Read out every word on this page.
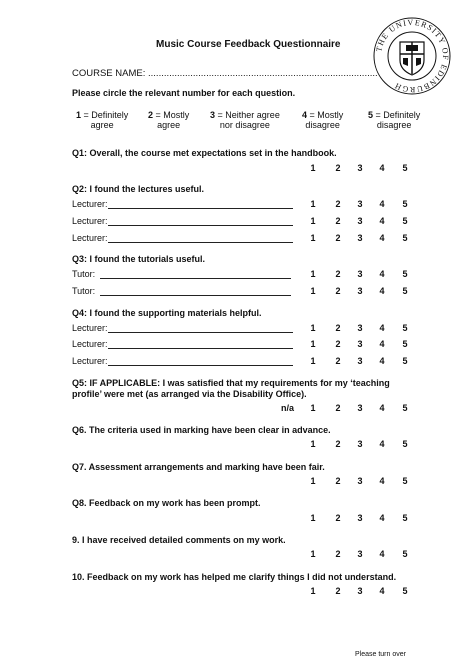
THE UNIVERSITY OF EDINBURGH
Music Course Feedback Questionnaire
COURSE NAME: .......................................................................................
Please circle the relevant number for each question.
1 = Definitely
agree
2 = Mostly
agree
3 = Neither agree
nor disagree
4 = Mostly
disagree
5 = Definitely
disagree
Q1: Overall, the course met expectations set in the handbook.
Q2: I found the lectures useful.
Q3: I found the tutorials useful.
Q4: I found the supporting materials helpful.
Q5: IF APPLICABLE: I was satisfied that my requirements for my ‘teaching profile’ were met (as arranged via the Disability Office).
Q6. The criteria used in marking have been clear in advance.
Q7. Assessment arrangements and marking have been fair.
Q8. Feedback on my work has been prompt.
9. I have received detailed comments on my work.
10. Feedback on my work has helped me clarify things I did not understand.
Lecturer:
Lecturer:
Lecturer:
Tutor:
Tutor:
Lecturer:
Lecturer:
Lecturer:
n/a
1 2 3 4 5
1 2 3 4 5
1 2 3 4 5
1 2 3 4 5
1 2 3 4 5
1 2 3 4 5
1 2 3 4 5
1 2 3 4 5
1 2 3 4 5
1 2 3 4 5
1 2 3 4 5
1 2 3 4 5
1 2 3 4 5
1 2 3 4 5
1 2 3 4 5
Please turn over
